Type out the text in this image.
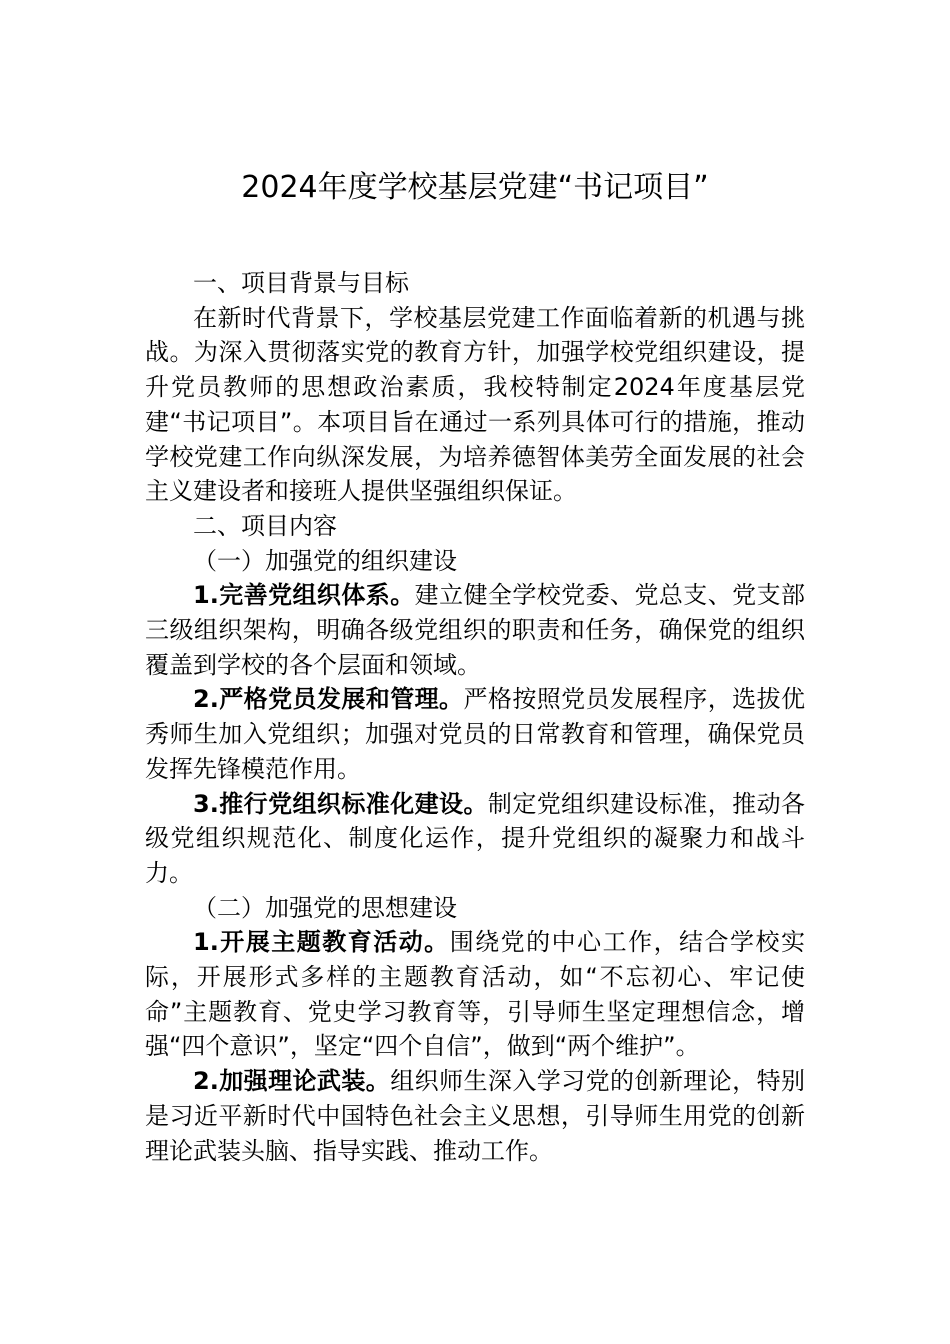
2024年度学校基层党建“书记项目”

一、项目背景与目标

在新时代背景下，学校基层党建工作面临着新的机遇与挑战。为深入贯彻落实党的教育方针，加强学校党组织建设，提升党员教师的思想政治素质，我校特制定2024年度基层党建“书记项目”。本项目旨在通过一系列具体可行的措施，推动学校党建工作向纵深发展，为培养德智体美劳全面发展的社会主义建设者和接班人提供坚强组织保证。

二、项目内容

（一）加强党的组织建设

1.完善党组织体系。建立健全学校党委、党总支、党支部三级组织架构，明确各级党组织的职责和任务，确保党的组织覆盖到学校的各个层面和领域。

2.严格党员发展和管理。严格按照党员发展程序，选拔优秀师生加入党组织；加强对党员的日常教育和管理，确保党员发挥先锋模范作用。

3.推行党组织标准化建设。制定党组织建设标准，推动各级党组织规范化、制度化运作，提升党组织的凝聚力和战斗力。

（二）加强党的思想建设

1.开展主题教育活动。围绕党的中心工作，结合学校实际，开展形式多样的主题教育活动，如“不忘初心、牢记使命”主题教育、党史学习教育等，引导师生坚定理想信念，增强“四个意识”，坚定“四个自信”，做到“两个维护”。

2.加强理论武装。组织师生深入学习党的创新理论，特别是习近平新时代中国特色社会主义思想，引导师生用党的创新理论武装头脑、指导实践、推动工作。
